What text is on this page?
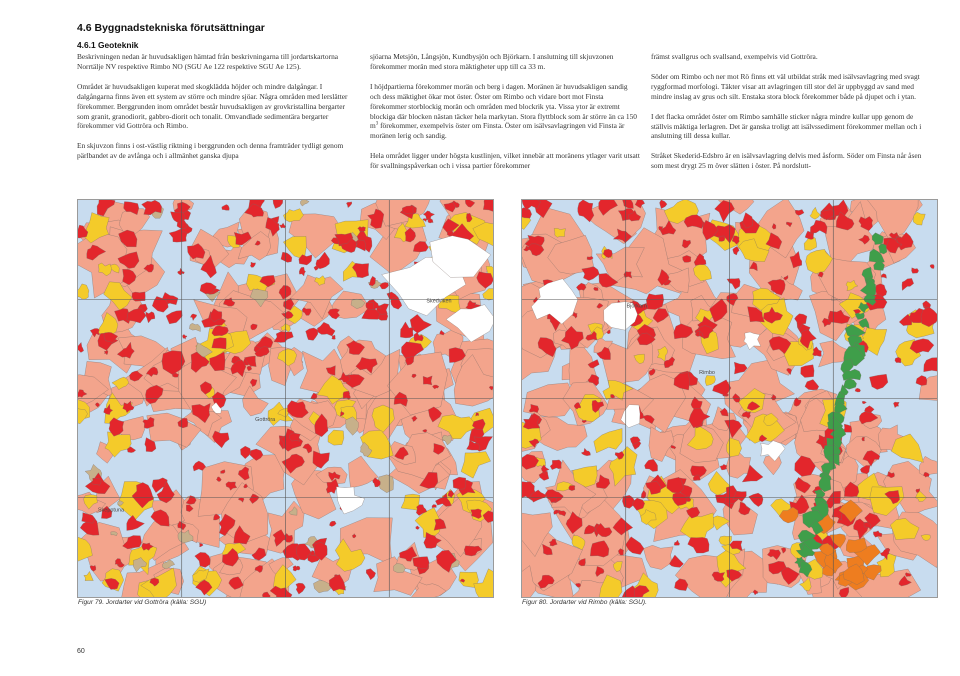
4.6 Byggnadstekniska förutsättningar
4.6.1 Geoteknik

Beskrivningen nedan är huvudsakligen hämtad från beskrivningarna till jordartskartorna Norrtälje NV respektive Rimbo NO (SGU Ae 122 respektive SGU Ae 125).

Området är huvudsakligen kuperat med skogklädda höjder och mindre dalgångar. I dalgångarna finns även ett system av större och mindre sjöar. Några områden med lerslätter förekommer. Berggrunden inom området består huvudsakligen av grovkristallina bergarter som granit, granodiorit, gabbro-diorit och tonalit. Omvandlade sedimentära bergarter förekommer vid Gottröra och Rimbo.

En skjuvzon finns i ost-västlig riktning i berggrunden och denna framträder tydligt genom pärlbandet av de avlånga och i allmänhet ganska djupa

sjöarna Metsjön, Långsjön, Kundbysjön och Björkarn. I anslutning till skjuvzonen förekommer morän med stora mäktigheter upp till ca 33 m.

I höjdpartierna förekommer morän och berg i dagen. Moränen är huvudsakligen sandig och dess mäktighet ökar mot öster. Öster om Rimbo och vidare bort mot Finsta förekommer storblockig morän och områden med blockrik yta. Vissa ytor är extremt blockiga där blocken nästan täcker hela markytan. Stora flyttblock som är större än ca 150 $m^3$ förekommer, exempelvis öster om Finsta. Öster om isälvsavlagringen vid Finsta är moränen lerig och sandig.

Hela området ligger under högsta kustlinjen, vilket innebär att moränens ytlager varit utsatt för svallningspåverkan och i vissa partier förekommer

främst svallgrus och svallsand, exempelvis vid Gottröra.

Söder om Rimbo och ner mot Rö finns ett väl utbildat stråk med isälvsavlagring med svagt ryggformad morfologi. Täkter visar att avlagringen till stor del är uppbyggd av sand med mindre inslag av grus och silt. Enstaka stora block förekommer både på djupet och i ytan.

I det flacka området öster om Rimbo samhälle sticker några mindre kullar upp genom de ställvis mäktiga lerlagren. Det är ganska troligt att isälvssediment förekommer mellan och i anslutning till dessa kullar.

Stråket Skederid-Edsbro är en isälvsavlagring delvis med åsform. Söder om Finsta når åsen som mest drygt 25 m över slätten i öster. På nordslutt-

Skedviken
Gottröra
Skepptuna
Rimbo
Björkarn
Figur 79. Jordarter vid Gottröra (källa: SGU)	Figur 80. Jordarter vid Rimbo (källa: SGU).
60
